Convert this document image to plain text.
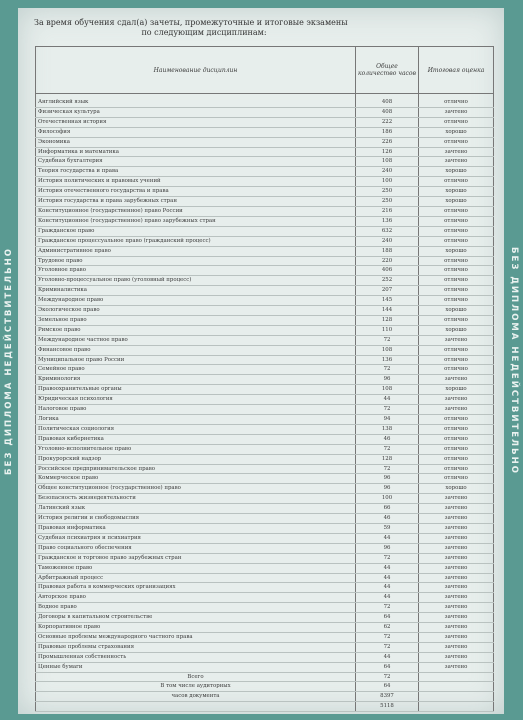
БЕЗ ДИПЛОМА НЕДЕЙСТВИТЕЛЬНО	БЕЗ ДИПЛОМА НЕДЕЙСТВИТЕЛЬНО
За время обучения сдал(а) зачеты, промежуточные и итоговые экзамены
по следующим дисциплинам:
Наименование дисциплин	Общее количество часов	Итоговая оценка

Английский язык	408	отлично
Физическая культура	408	зачтено
Отечественная история	222	отлично
Философия	186	хорошо
Экономика	226	отлично
Информатика и математика	126	зачтено
Судебная бухгалтерия	108	зачтено
Теория государства и права	240	хорошо
История политических и правовых учений	100	отлично
История отечественного государства и права	250	хорошо
История государства и права зарубежных стран	250	хорошо
Конституционное (государственное) право России	216	отлично
Конституционное (государственное) право зарубежных стран	136	отлично
Гражданское право	632	отлично
Гражданское процессуальное право (гражданский процесс)	240	отлично
Административное право	188	хорошо
Трудовое право	220	отлично
Уголовное право	406	отлично
Уголовно-процессуальное право (уголовный процесс)	252	отлично
Криминалистика	207	отлично
Международное право	145	отлично
Экологическое право	144	хорошо
Земельное право	128	отлично
Римское право	110	хорошо
Международное частное право	72	зачтено
Финансовое право	108	отлично
Муниципальное право России	136	отлично
Семейное право	72	отлично
Криминология	96	зачтено
Правоохранительные органы	108	хорошо
Юридическая психология	44	зачтено
Налоговое право	72	зачтено
Логика	94	отлично
Политическая социология	138	отлично
Правовая кибернетика	46	отлично
Уголовно-исполнительное право	72	отлично
Прокурорский надзор	128	отлично
Российское предпринимательское право	72	отлично
Коммерческое право	96	отлично
Общее конституционное (государственное) право	96	хорошо
Безопасность жизнедеятельности	100	зачтено
Латинский язык	66	зачтено
История религии и свободомыслия	46	зачтено
Правовая информатика	59	зачтено
Судебная психиатрия и психиатрия	44	зачтено
Право социального обеспечения	96	зачтено
Гражданское и торговое право зарубежных стран	72	зачтено
Таможенное право	44	зачтено
Арбитражный процесс	44	зачтено
Правовая работа в коммерческих организациях	44	зачтено
Авторское право	44	зачтено
Водное право	72	зачтено
Договоры в капитальном строительстве	64	зачтено
Корпоративное право	62	зачтено
Основные проблемы международного частного права	72	зачтено
Правовые проблемы страхования	72	зачтено
Промышленная собственность	44	зачтено
Ценные бумаги	64	зачтено
Всего	72	
В том числе аудиторных	64	
часов документа	8397	
	5118	
